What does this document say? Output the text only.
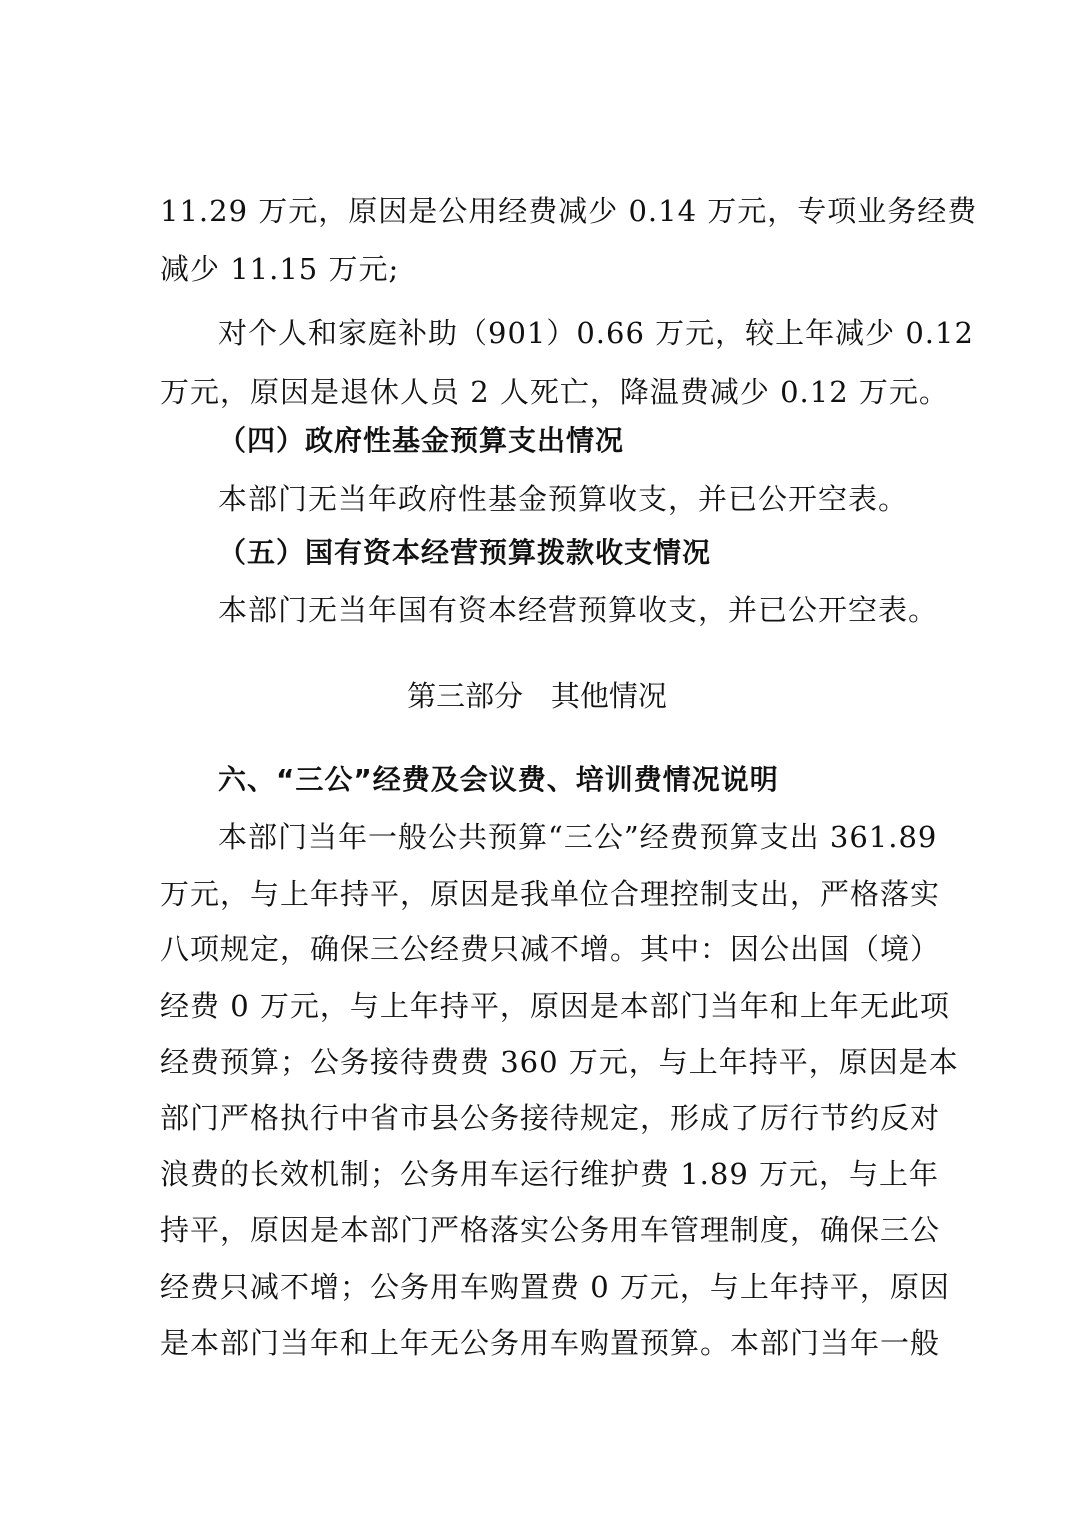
11.29 万元，原因是公用经费减少 0.14 万元，专项业务经费
减少 11.15 万元;
对个人和家庭补助（901）0.66 万元，较上年减少 0.12
万元，原因是退休人员 2 人死亡，降温费减少 0.12 万元。
（四）政府性基金预算支出情况
本部门无当年政府性基金预算收支，并已公开空表。
（五）国有资本经营预算拨款收支情况
本部门无当年国有资本经营预算收支，并已公开空表。
第三部分   其他情况
六、“三公”经费及会议费、培训费情况说明
本部门当年一般公共预算“三公”经费预算支出 361.89
万元，与上年持平，原因是我单位合理控制支出，严格落实
八项规定，确保三公经费只减不增。其中：因公出国（境）
经费 0 万元，与上年持平，原因是本部门当年和上年无此项
经费预算；公务接待费费 360 万元，与上年持平，原因是本
部门严格执行中省市县公务接待规定，形成了厉行节约反对
浪费的长效机制；公务用车运行维护费 1.89 万元，与上年
持平，原因是本部门严格落实公务用车管理制度，确保三公
经费只减不增；公务用车购置费 0 万元，与上年持平，原因
是本部门当年和上年无公务用车购置预算。本部门当年一般
